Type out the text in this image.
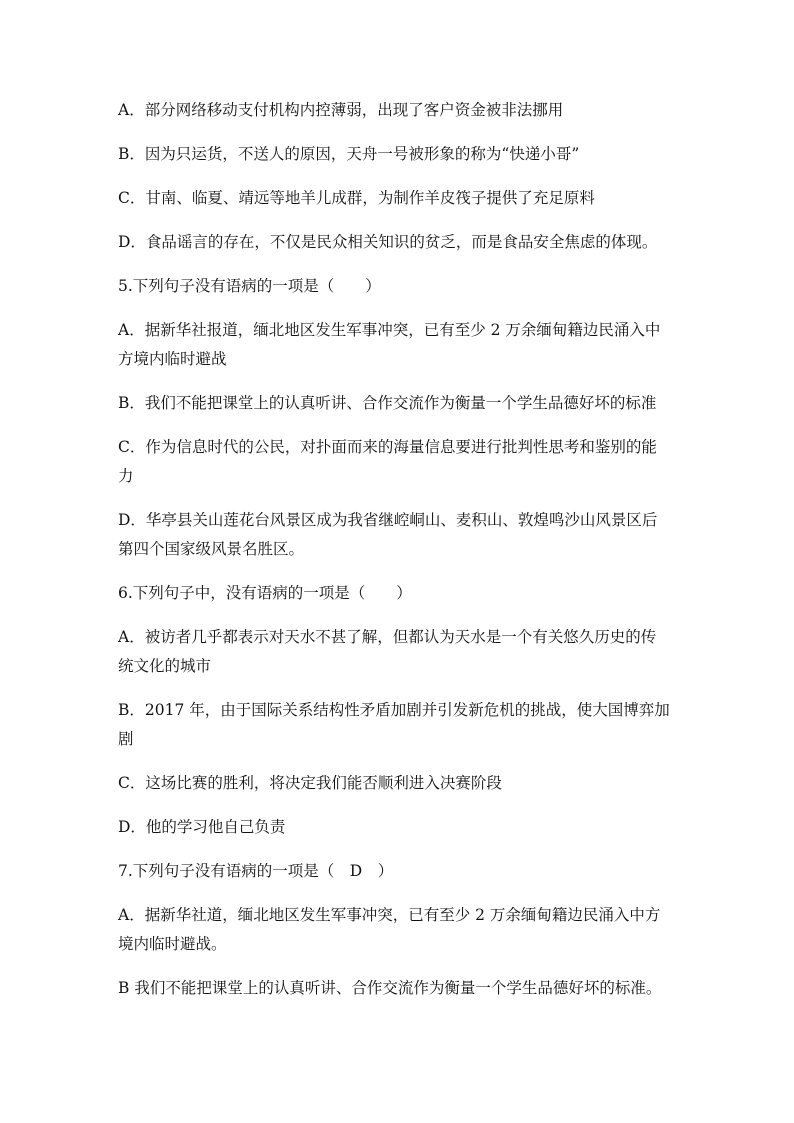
A．部分网络移动支付机构内控薄弱，出现了客户资金被非法挪用

B．因为只运货，不送人的原因，天舟一号被形象的称为“快递小哥”

C．甘南、临夏、靖远等地羊儿成群，为制作羊皮筏子提供了充足原料

D．食品谣言的存在，不仅是民众相关知识的贫乏，而是食品安全焦虑的体现。

5.下列句子没有语病的一项是（　　）

A．据新华社报道，缅北地区发生军事冲突，已有至少 2 万余缅甸籍边民涌入中

方境内临时避战

B．我们不能把课堂上的认真听讲、合作交流作为衡量一个学生品德好坏的标准

C．作为信息时代的公民，对扑面而来的海量信息要进行批判性思考和鉴别的能

力

D．华亭县关山莲花台风景区成为我省继崆峒山、麦积山、敦煌鸣沙山风景区后

第四个国家级风景名胜区。

6.下列句子中，没有语病的一项是（　　）

A．被访者几乎都表示对天水不甚了解，但都认为天水是一个有关悠久历史的传

统文化的城市

B．2017 年，由于国际关系结构性矛盾加剧并引发新危机的挑战，使大国博弈加

剧

C．这场比赛的胜利，将决定我们能否顺利进入决赛阶段

D．他的学习他自己负责

7.下列句子没有语病的一项是（　D　）

A．据新华社道，缅北地区发生军事冲突，已有至少 2 万余缅甸籍边民涌入中方

境内临时避战。

B 我们不能把课堂上的认真听讲、合作交流作为衡量一个学生品德好坏的标准。
